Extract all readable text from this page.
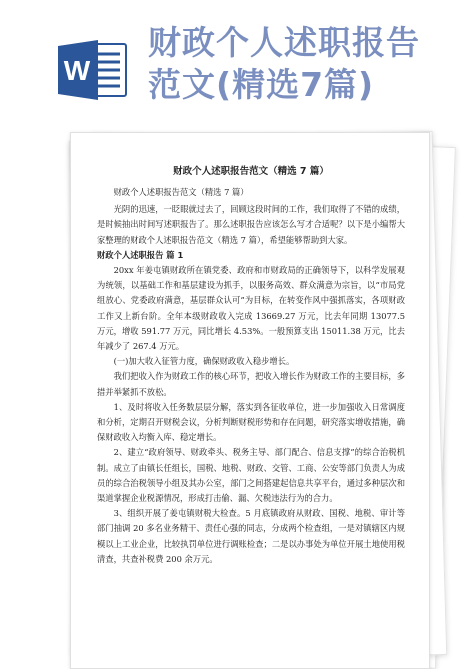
W
财政个人述职报告
范文(精选7篇)

财政个人述职报告范文（精选 7 篇）

财政个人述职报告范文（精选 7 篇）

光阴的迅速，一眨眼就过去了，回顾这段时间的工作，我们取得了不错的成绩，是时候抽出时间写述职报告了。那么述职报告应该怎么写才合适呢？以下是小编帮大家整理的财政个人述职报告范文（精选 7 篇），希望能够帮助到大家。

财政个人述职报告 篇 1

20xx 年姜屯镇财政所在镇党委、政府和市财政局的正确领导下，以科学发展观为统领，以基础工作和基层建设为抓手，以服务高效、群众满意为宗旨，以“市局党组放心、党委政府满意，基层群众认可”为目标，在转变作风中强抓落实，各项财政工作又上新台阶。全年本级财政收入完成 13669.27 万元，比去年同期 13077.5 万元，增收 591.77 万元，同比增长 4.53%。一般预算支出 15011.38 万元，比去年减少了 267.4 万元。

(一)加大收入征管力度，确保财政收入稳步增长。

我们把收入作为财政工作的核心环节，把收入增长作为财政工作的主要目标，多措并举紧抓不放松。

1、及时将收入任务数层层分解，落实到各征收单位，进一步加强收入日常调度和分析，定期召开财税会议，分析判断财税形势和存在问题，研究落实增收措施，确保财政收入均衡入库、稳定增长。

2、建立“政府领导、财政牵头、税务主导、部门配合、信息支撑”的综合治税机制。成立了由镇长任组长，国税、地税、财政、交管、工商、公安等部门负责人为成员的综合治税领导小组及其办公室，部门之间搭建起信息共享平台，通过多种层次和渠道掌握企业税源情况，形成打击偷、漏、欠税违法行为的合力。

3、组织开展了姜屯镇财税大检查。5 月底镇政府从财政、国税、地税、审计等部门抽调 20 多名业务精干、责任心强的同志，分成两个检查组，一是对镇辖区内规模以上工业企业，比较执罚单位进行调账检查；二是以办事处为单位开展土地使用税清查，共查补税费 200 余万元。
